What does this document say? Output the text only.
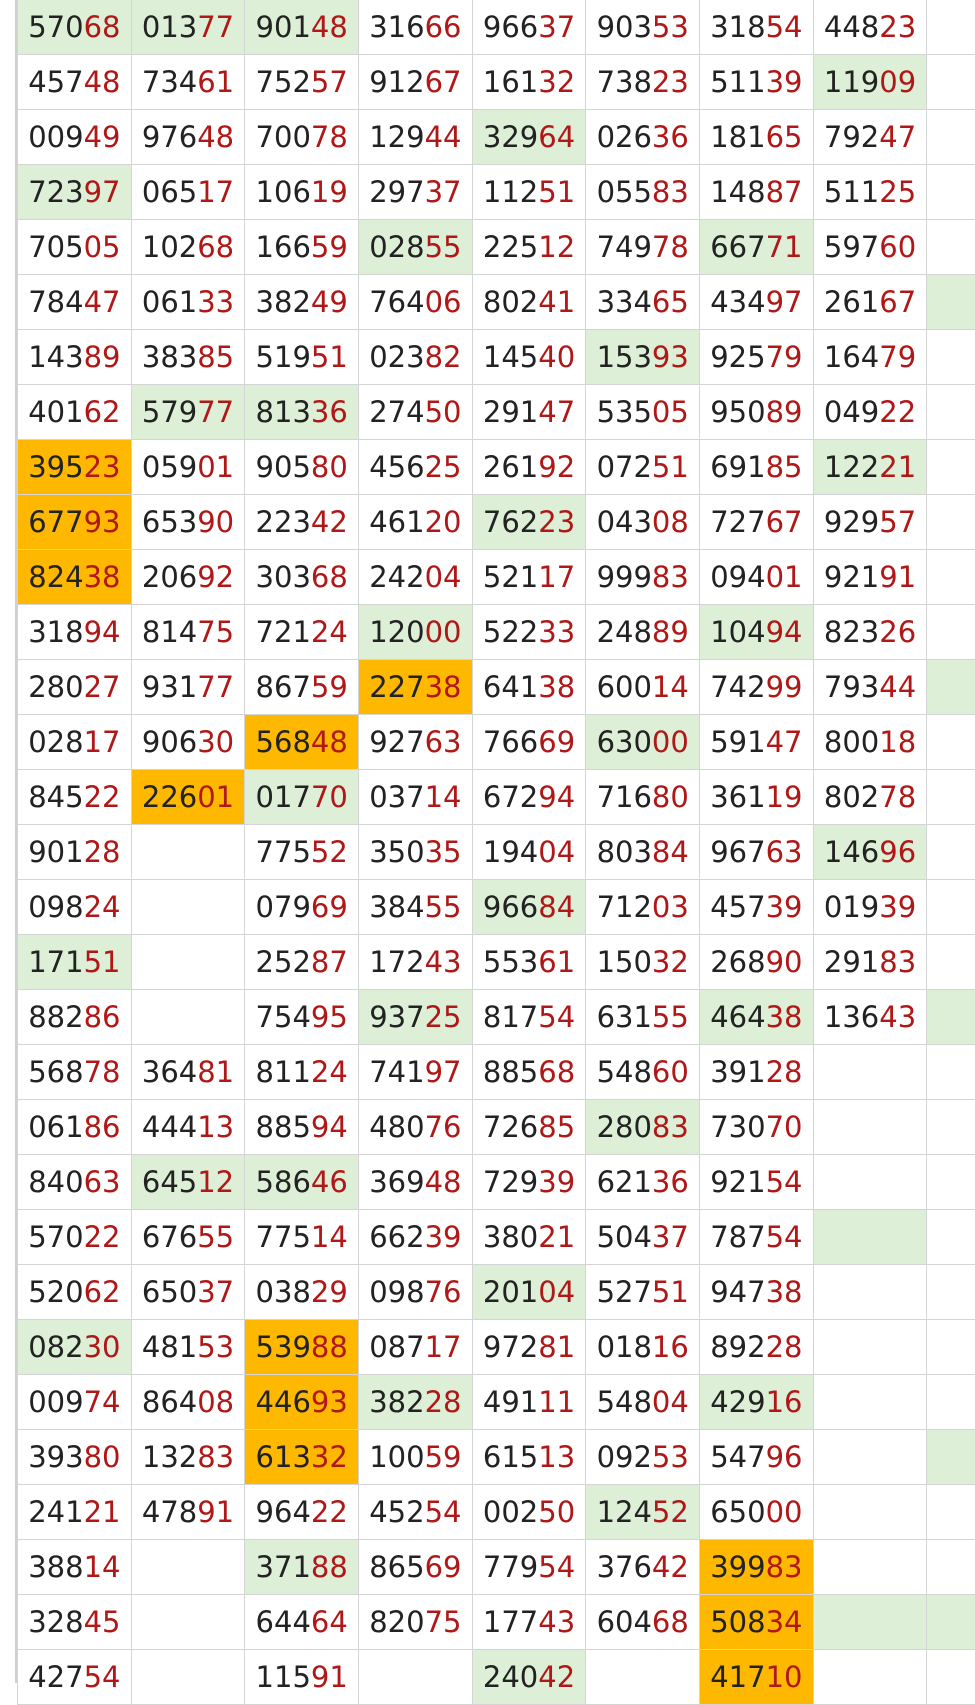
57068	01377	90148	31666	96637	90353	31854	44823	
45748	73461	75257	91267	16132	73823	51139	11909	
00949	97648	70078	12944	32964	02636	18165	79247	
72397	06517	10619	29737	11251	05583	14887	51125	
70505	10268	16659	02855	22512	74978	66771	59760	
78447	06133	38249	76406	80241	33465	43497	26167	
14389	38385	51951	02382	14540	15393	92579	16479	
40162	57977	81336	27450	29147	53505	95089	04922	
39523	05901	90580	45625	26192	07251	69185	12221	
67793	65390	22342	46120	76223	04308	72767	92957	
82438	20692	30368	24204	52117	99983	09401	92191	
31894	81475	72124	12000	52233	24889	10494	82326	
28027	93177	86759	22738	64138	60014	74299	79344	
02817	90630	56848	92763	76669	63000	59147	80018	
84522	22601	01770	03714	67294	71680	36119	80278	
90128		77552	35035	19404	80384	96763	14696	
09824		07969	38455	96684	71203	45739	01939	
17151		25287	17243	55361	15032	26890	29183	
88286		75495	93725	81754	63155	46438	13643	
56878	36481	81124	74197	88568	54860	39128		
06186	44413	88594	48076	72685	28083	73070		
84063	64512	58646	36948	72939	62136	92154		
57022	67655	77514	66239	38021	50437	78754		
52062	65037	03829	09876	20104	52751	94738		
08230	48153	53988	08717	97281	01816	89228		
00974	86408	44693	38228	49111	54804	42916		
39380	13283	61332	10059	61513	09253	54796		
24121	47891	96422	45254	00250	12452	65000		
38814		37188	86569	77954	37642	39983		
32845		64464	82075	17743	60468	50834		
42754		11591		24042		41710		
